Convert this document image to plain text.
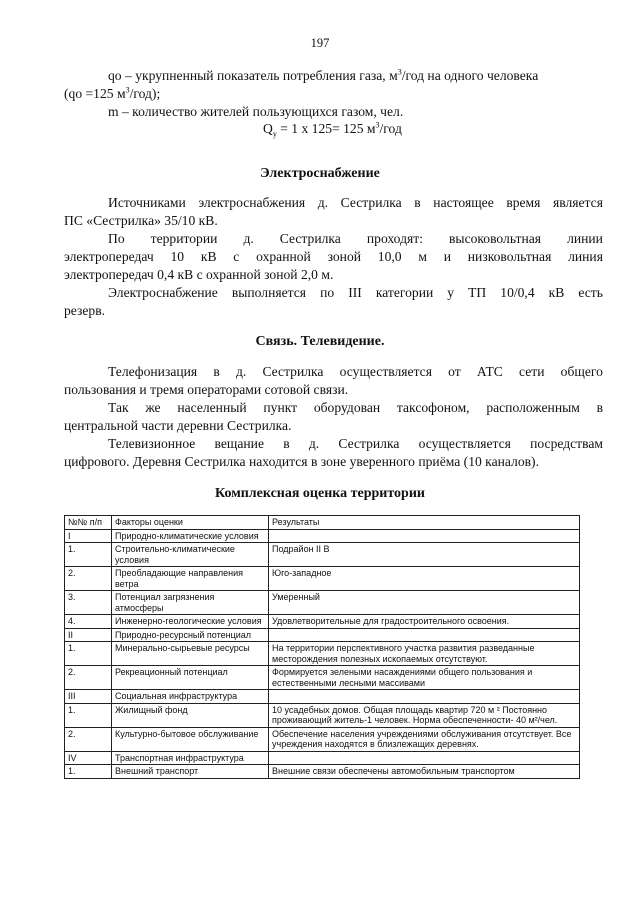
197
qo – укрупненный показатель потребления газа, $м^3$/год на одного человека
(qo =125 $м^3/год$);
m – количество жителей пользующихся газом, чел.
$Q_y = 1$ x 125= 125 $м^3$/год
Электроснабжение
Источниками электроснабжения д. Сестрилка в настоящее время является
ПС «Сестрилка» 35/10 кВ.
По территории д. Сестрилка проходят: высоковольтная линии
электропередач 10 кВ с охранной зоной 10,0 м и низковольтная линия
электропередач 0,4 кВ с охранной зоной 2,0 м.
Электроснабжение выполняется по III категории у ТП 10/0,4 кВ есть
резерв.
Связь. Телевидение.
Телефонизация в д. Сестрилка осуществляется от АТС сети общего
пользования и тремя операторами сотовой связи.
Так же населенный пункт оборудован таксофоном, расположенным в
центральной части деревни Сестрилка.
Телевизионное вещание в д. Сестрилка осуществляется посредствам
цифрового. Деревня Сестрилка находится в зоне уверенного приёма (10 каналов).
Комплексная оценка территории
№№ п/п	Факторы оценки	Результаты
I	Природно-климатические условия	
1.	Строительно-климатические условия	Подрайон II В
2.	Преобладающие направления ветра	Юго-западное
3.	Потенциал загрязнения атмосферы	Умеренный
4.	Инженерно-геологические условия	Удовлетворительные для градостроительного освоения.
II	Природно-ресурсный потенциал	
1.	Минерально-сырьевые ресурсы	На территории перспективного участка развития разведанные месторождения полезных ископаемых отсутствуют.
2.	Рекреационный потенциал	Формируется зелеными насаждениями общего пользования и естественными лесными массивами
III	Социальная инфраструктура	
1.	Жилищный фонд	10 усадебных домов. Общая площадь квартир 720 м ² Постоянно проживающий житель-1 человек. Норма обеспеченности- 40 м²/чел.
2.	Культурно-бытовое обслуживание	Обеспечение населения учреждениями обслуживания отсутствует. Все учреждения находятся в близлежащих деревнях.
IV	Транспортная инфраструктура	
1.	Внешний транспорт	Внешние связи обеспечены автомобильным транспортом
